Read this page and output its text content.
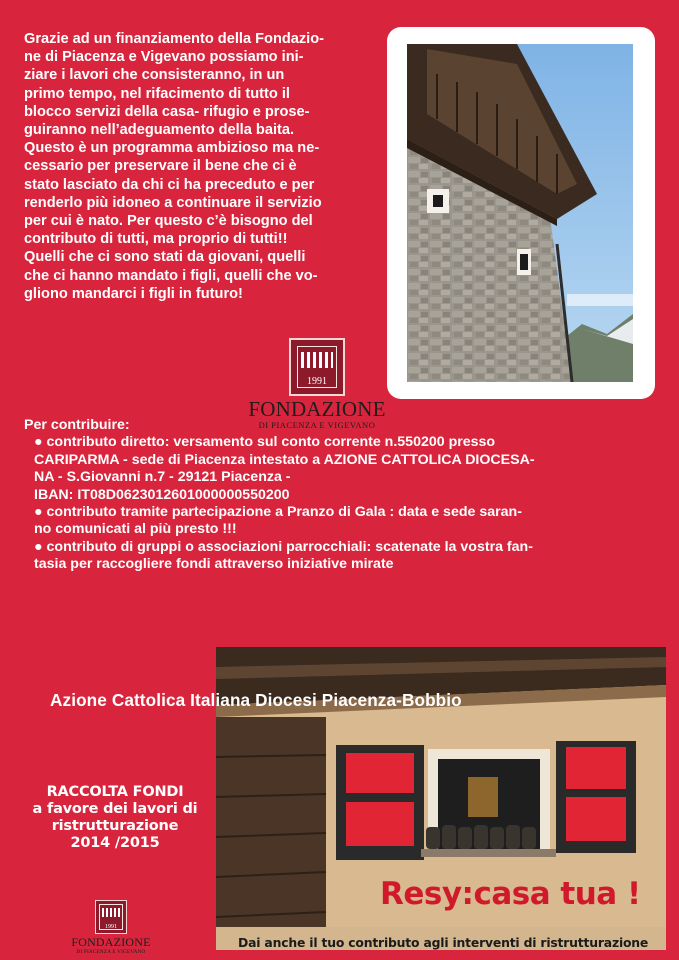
Grazie ad un finanziamento della Fondazio-
ne di Piacenza e Vigevano possiamo ini-
ziare i lavori che consisteranno, in un
primo tempo, nel rifacimento di tutto il
blocco servizi della casa- rifugio e prose-
guiranno nell’adeguamento della baita.
Questo è un programma ambizioso ma ne-
cessario per preservare il bene che ci è
stato lasciato da chi ci ha preceduto e per
renderlo più idoneo a continuare il servizio
per cui è nato. Per questo c’è bisogno del
contributo di tutti, ma proprio di tutti!!
Quelli che ci sono stati da giovani, quelli
che ci hanno mandato i figli, quelli che vo-
gliono mandarci i figli in futuro!

1991
FONDAZIONE
DI PIACENZA E VIGEVANO

Per contribuire:

● contributo diretto: versamento sul conto corrente n.550200 presso

CARIPARMA - sede di Piacenza intestato a AZIONE CATTOLICA DIOCESA-
NA - S.Giovanni n.7 - 29121 Piacenza -
IBAN: IT08D0623012601000000550200

● contributo tramite partecipazione a Pranzo di Gala : data e sede saran-
no comunicati al più presto !!!

● contributo di gruppi o associazioni parrocchiali: scatenate la vostra fan-
tasia per raccogliere fondi attraverso iniziative mirate

Azione Cattolica Italiana Diocesi Piacenza-Bobbio
RACCOLTA FONDI
a favore dei lavori di
ristrutturazione
2014 /2015
1991
FONDAZIONE
DI PIACENZA E VIGEVANO
Resy:casa tua !
Dai anche il tuo contributo agli interventi di ristrutturazione
